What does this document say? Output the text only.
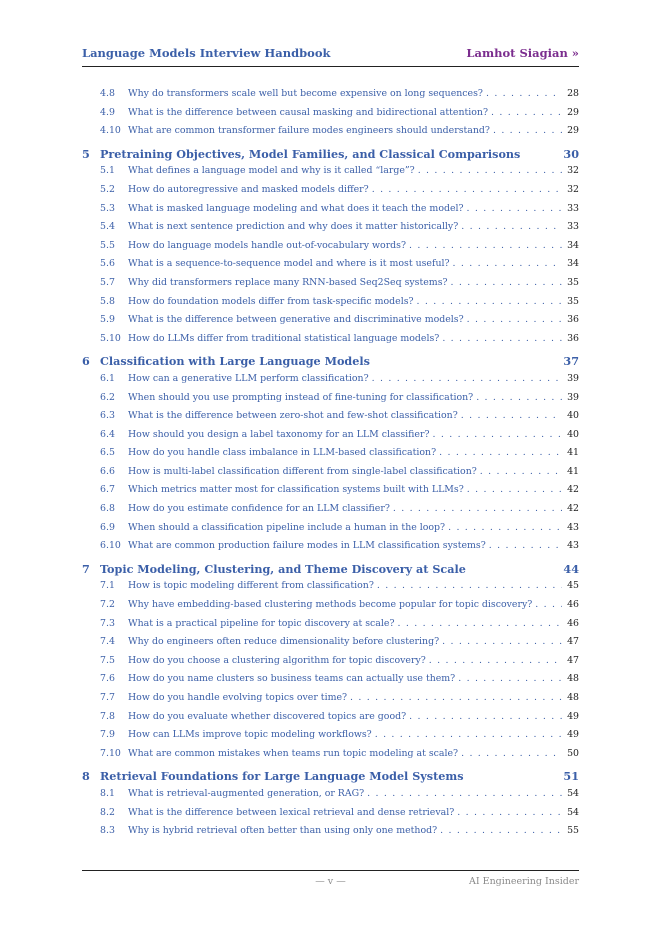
Language Models Interview Handbook	Lamhot Siagian »
4.8 Why do transformers scale well but become expensive on long sequences? . . .	28
4.9 What is the difference between causal masking and bidirectional attention? . . .	29
4.10 What are common transformer failure modes engineers should understand? . . .	29
5 Pretraining Objectives, Model Families, and Classical Comparisons	30
5.1 What defines a language model and why is it called “large”? . . .	32
5.2 How do autoregressive and masked models differ? . . .	32
5.3 What is masked language modeling and what does it teach the model? . . .	33
5.4 What is next sentence prediction and why does it matter historically? . . .	33
5.5 How do language models handle out-of-vocabulary words? . . .	34
5.6 What is a sequence-to-sequence model and where is it most useful? . . .	34
5.7 Why did transformers replace many RNN-based Seq2Seq systems? . . .	35
5.8 How do foundation models differ from task-specific models? . . .	35
5.9 What is the difference between generative and discriminative models? . . .	36
5.10 How do LLMs differ from traditional statistical language models? . . .	36
6 Classification with Large Language Models	37
6.1 How can a generative LLM perform classification? . . .	39
6.2 When should you use prompting instead of fine-tuning for classification? . . .	39
6.3 What is the difference between zero-shot and few-shot classification? . . .	40
6.4 How should you design a label taxonomy for an LLM classifier? . . .	40
6.5 How do you handle class imbalance in LLM-based classification? . . .	41
6.6 How is multi-label classification different from single-label classification? . . .	41
6.7 Which metrics matter most for classification systems built with LLMs? . . .	42
6.8 How do you estimate confidence for an LLM classifier? . . .	42
6.9 When should a classification pipeline include a human in the loop? . . .	43
6.10 What are common production failure modes in LLM classification systems? . . .	43
7 Topic Modeling, Clustering, and Theme Discovery at Scale	44
7.1 How is topic modeling different from classification? . . .	45
7.2 Why have embedding-based clustering methods become popular for topic discovery? . . .	46
7.3 What is a practical pipeline for topic discovery at scale? . . .	46
7.4 Why do engineers often reduce dimensionality before clustering? . . .	47
7.5 How do you choose a clustering algorithm for topic discovery? . . .	47
7.6 How do you name clusters so business teams can actually use them? . . .	48
7.7 How do you handle evolving topics over time? . . .	48
7.8 How do you evaluate whether discovered topics are good? . . .	49
7.9 How can LLMs improve topic modeling workflows? . . .	49
7.10 What are common mistakes when teams run topic modeling at scale? . . .	50
8 Retrieval Foundations for Large Language Model Systems	51
8.1 What is retrieval-augmented generation, or RAG? . . .	54
8.2 What is the difference between lexical retrieval and dense retrieval? . . .	54
8.3 Why is hybrid retrieval often better than using only one method? . . .	55
— v —	AI Engineering Insider
